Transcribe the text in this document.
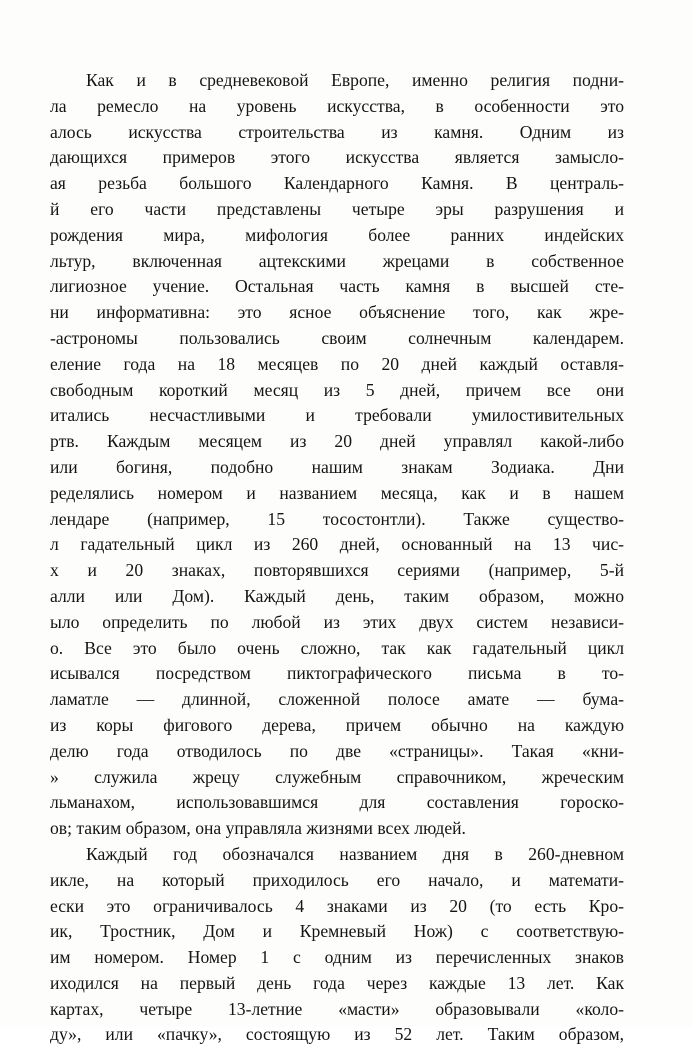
Как и в средневековой Европе, именно религия подни-
ла ремесло на уровень искусства, в особенности это
алось искусства строительства из камня. Одним из
дающихся примеров этого искусства является замысло-
ая резьба большого Календарного Камня. В централь-
й его части представлены четыре эры разрушения и
рождения мира, мифология более ранних индейских
льтур, включенная ацтекскими жрецами в собственное
лигиозное учение. Остальная часть камня в высшей сте-
ни информативна: это ясное объяснение того, как жре-
-астрономы пользовались своим солнечным календарем.
еление года на 18 месяцев по 20 дней каждый оставля-
свободным короткий месяц из 5 дней, причем все они
итались несчастливыми и требовали умилостивительных
ртв. Каждым месяцем из 20 дней управлял какой-либо
или богиня, подобно нашим знакам Зодиака. Дни
ределялись номером и названием месяца, как и в нашем
лендаре (например, 15 тосостонтли). Также существо-
л гадательный цикл из 260 дней, основанный на 13 чис-
х и 20 знаках, повторявшихся сериями (например, 5-й
алли или Дом). Каждый день, таким образом, можно
ыло определить по любой из этих двух систем независи-
о. Все это было очень сложно, так как гадательный цикл
исывался посредством пиктографического письма в то-
ламатле — длинной, сложенной полосе амате — бума-
из коры фигового дерева, причем обычно на каждую
делю года отводилось по две «страницы». Такая «кни-
» служила жрецу служебным справочником, жреческим
льманахом, использовавшимся для составления гороско-
ов; таким образом, она управляла жизнями всех людей.
Каждый год обозначался названием дня в 260-дневном
икле, на который приходилось его начало, и математи-
ески это ограничивалось 4 знаками из 20 (то есть Кро-
ик, Тростник, Дом и Кремневый Нож) с соответствую-
им номером. Номер 1 с одним из перечисленных знаков
иходился на первый день года через каждые 13 лет. Как
картах, четыре 13-летние «масти» образовывали «коло-
ду», или «пачку», состоящую из 52 лет. Таким образом,
